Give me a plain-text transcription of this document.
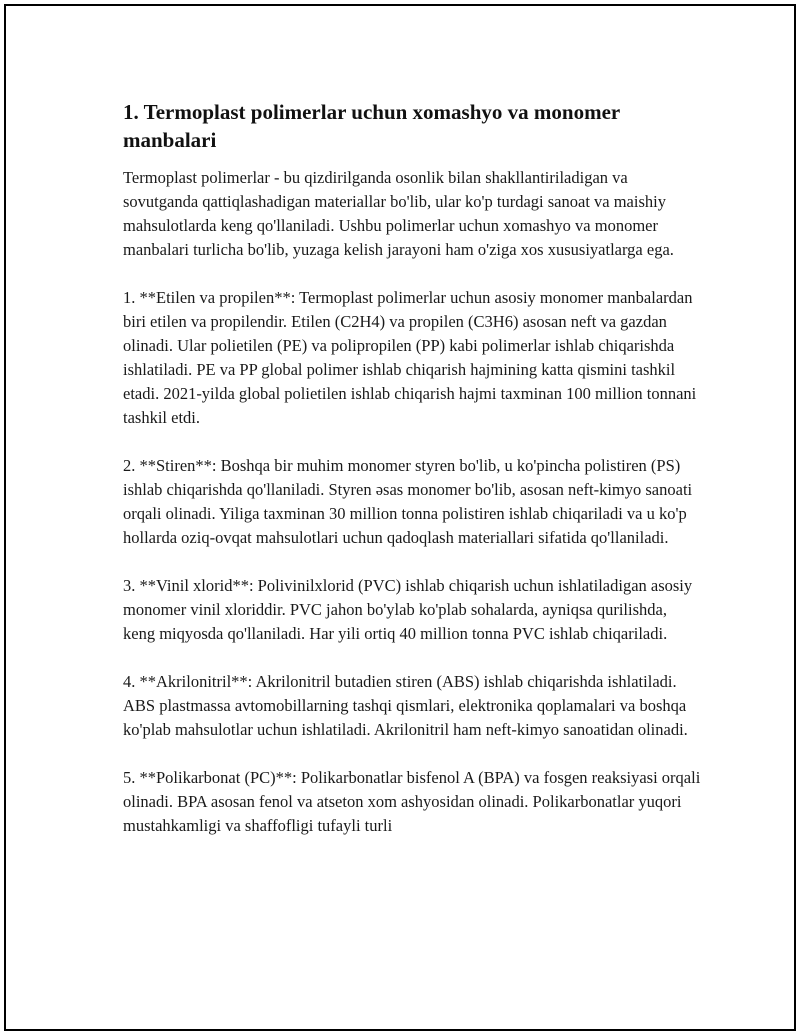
1. Termoplast polimerlar uchun xomashyo va monomer manbalari

Termoplast polimerlar - bu qizdirilganda osonlik bilan shakllantiriladigan va sovutganda qattiqlashadigan materiallar bo'lib, ular ko'p turdagi sanoat va maishiy mahsulotlarda keng qo'llaniladi. Ushbu polimerlar uchun xomashyo va monomer manbalari turlicha bo'lib, yuzaga kelish jarayoni ham o'ziga xos xususiyatlarga ega.

1. **Etilen va propilen**: Termoplast polimerlar uchun asosiy monomer manbalardan biri etilen va propilendir. Etilen (C2H4) va propilen (C3H6) asosan neft va gazdan olinadi. Ular polietilen (PE) va polipropilen (PP) kabi polimerlar ishlab chiqarishda ishlatiladi. PE va PP global polimer ishlab chiqarish hajmining katta qismini tashkil etadi. 2021-yilda global polietilen ishlab chiqarish hajmi taxminan 100 million tonnani tashkil etdi.

2. **Stiren**: Boshqa bir muhim monomer styren bo'lib, u ko'pincha polistiren (PS) ishlab chiqarishda qo'llaniladi. Styren əsas monomer bo'lib, asosan neft-kimyo sanoati orqali olinadi. Yiliga taxminan 30 million tonna polistiren ishlab chiqariladi va u ko'p hollarda oziq-ovqat mahsulotlari uchun qadoqlash materiallari sifatida qo'llaniladi.

3. **Vinil xlorid**: Polivinilxlorid (PVC) ishlab chiqarish uchun ishlatiladigan asosiy monomer vinil xloriddir. PVC jahon bo'ylab ko'plab sohalarda, ayniqsa qurilishda, keng miqyosda qo'llaniladi. Har yili ortiq 40 million tonna PVC ishlab chiqariladi.

4. **Akrilonitril**: Akrilonitril butadien stiren (ABS) ishlab chiqarishda ishlatiladi. ABS plastmassa avtomobillarning tashqi qismlari, elektronika qoplamalari va boshqa ko'plab mahsulotlar uchun ishlatiladi. Akrilonitril ham neft-kimyo sanoatidan olinadi.

5. **Polikarbonat (PC)**: Polikarbonatlar bisfenol A (BPA) va fosgen reaksiyasi orqali olinadi. BPA asosan fenol va atseton xom ashyosidan olinadi. Polikarbonatlar yuqori mustahkamligi va shaffofligi tufayli turli
